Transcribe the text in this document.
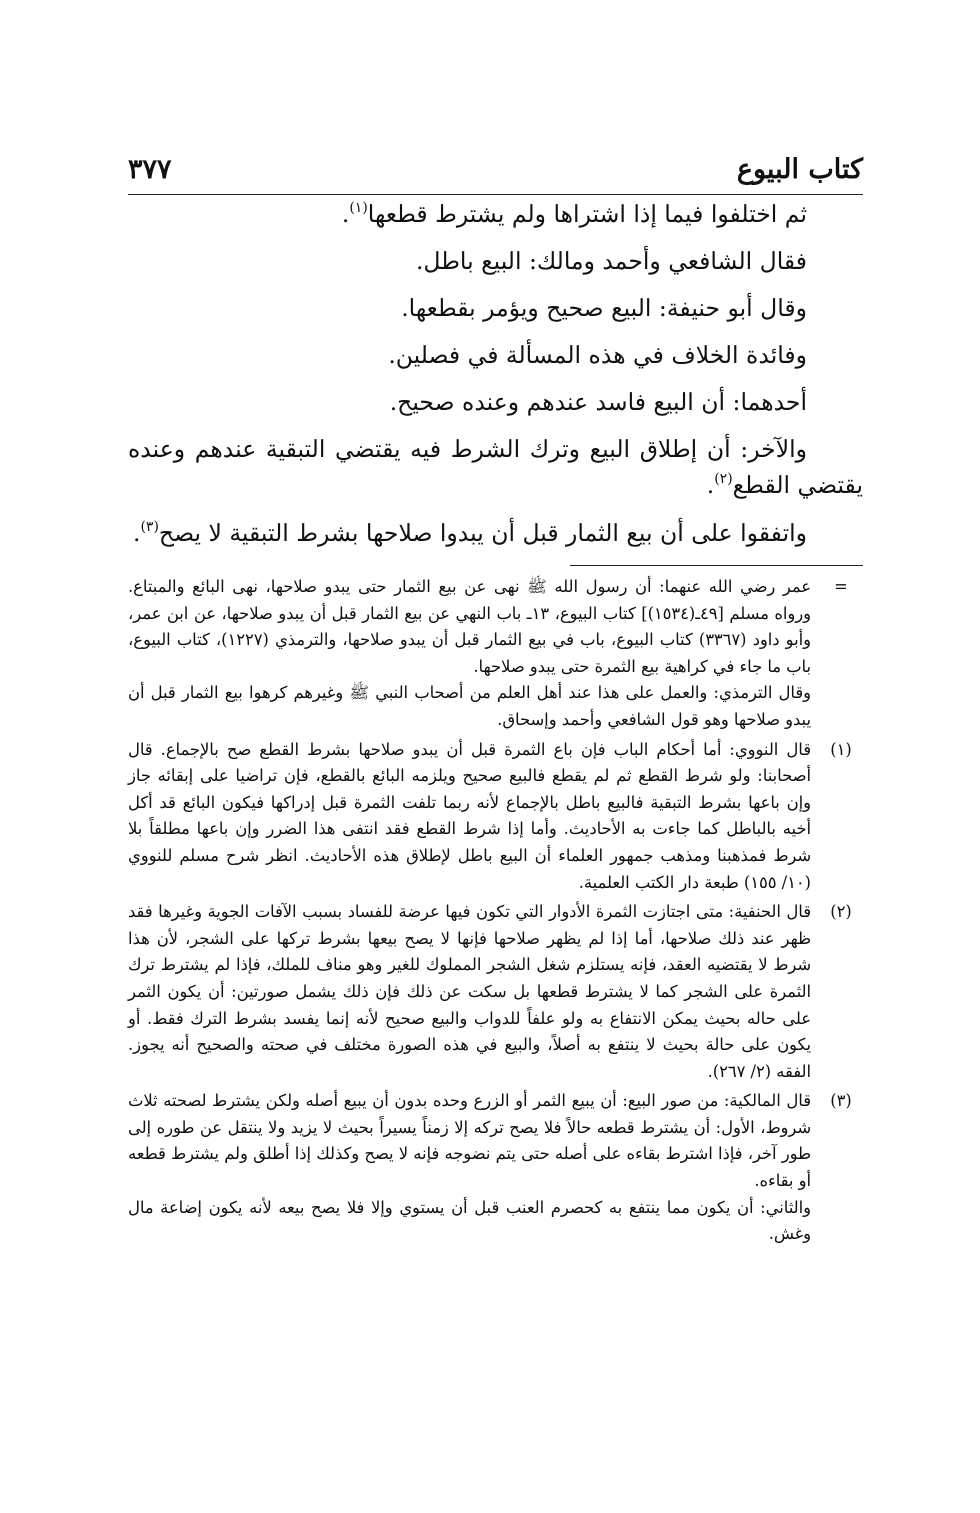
كتاب البيوع
٣٧٧

ثم اختلفوا فيما إذا اشتراها ولم يشترط قطعها$^{(١)}$.

فقال الشافعي وأحمد ومالك: البيع باطل.

وقال أبو حنيفة: البيع صحيح ويؤمر بقطعها.

وفائدة الخلاف في هذه المسألة في فصلين.

أحدهما: أن البيع فاسد عندهم وعنده صحيح.

والآخر: أن إطلاق البيع وترك الشرط فيه يقتضي التبقية عندهم وعنده يقتضي القطع$^{(٢)}$.

واتفقوا على أن بيع الثمار قبل أن يبدوا صلاحها بشرط التبقية لا يصح$^{(٣)}$.

=

عمر رضي الله عنهما: أن رسول الله ﷺ نهى عن بيع الثمار حتى يبدو صلاحها، نهى البائع والمبتاع. ورواه مسلم [٤٩ـ(١٥٣٤)] كتاب البيوع، ١٣ـ باب النهي عن بيع الثمار قبل أن يبدو صلاحها، عن ابن عمر، وأبو داود (٣٣٦٧) كتاب البيوع، باب في بيع الثمار قبل أن يبدو صلاحها، والترمذي (١٢٢٧)، كتاب البيوع، باب ما جاء في كراهية بيع الثمرة حتى يبدو صلاحها.

وقال الترمذي: والعمل على هذا عند أهل العلم من أصحاب النبي ﷺ وغيرهم كرهوا بيع الثمار قبل أن يبدو صلاحها وهو قول الشافعي وأحمد وإسحاق.

(١)

قال النووي: أما أحكام الباب فإن باع الثمرة قبل أن يبدو صلاحها بشرط القطع صح بالإجماع. قال أصحابنا: ولو شرط القطع ثم لم يقطع فالبيع صحيح ويلزمه البائع بالقطع، فإن تراضيا على إبقائه جاز وإن باعها بشرط التبقية فالبيع باطل بالإجماع لأنه ربما تلفت الثمرة قبل إدراكها فيكون البائع قد أكل أخيه بالباطل كما جاءت به الأحاديث. وأما إذا شرط القطع فقد انتفى هذا الضرر وإن باعها مطلقاً بلا شرط فمذهبنا ومذهب جمهور العلماء أن البيع باطل لإطلاق هذه الأحاديث. انظر شرح مسلم للنووي (١٠/ ١٥٥) طبعة دار الكتب العلمية.

(٢)

قال الحنفية: متى اجتازت الثمرة الأدوار التي تكون فيها عرضة للفساد بسبب الآفات الجوية وغيرها فقد ظهر عند ذلك صلاحها، أما إذا لم يظهر صلاحها فإنها لا يصح بيعها بشرط تركها على الشجر، لأن هذا شرط لا يقتضيه العقد، فإنه يستلزم شغل الشجر المملوك للغير وهو مناف للملك، فإذا لم يشترط ترك الثمرة على الشجر كما لا يشترط قطعها بل سكت عن ذلك فإن ذلك يشمل صورتين: أن يكون الثمر على حاله بحيث يمكن الانتفاع به ولو علفاً للدواب والبيع صحيح لأنه إنما يفسد بشرط الترك فقط. أو يكون على حالة بحيث لا ينتفع به أصلاً، والبيع في هذه الصورة مختلف في صحته والصحيح أنه يجوز. الفقه (٢/ ٢٦٧).

(٣)

قال المالكية: من صور البيع: أن يبيع الثمر أو الزرع وحده بدون أن يبيع أصله ولكن يشترط لصحته ثلاث شروط، الأول: أن يشترط قطعه حالاً فلا يصح تركه إلا زمناً يسيراً بحيث لا يزيد ولا ينتقل عن طوره إلى طور آخر، فإذا اشترط بقاءه على أصله حتى يتم نضوجه فإنه لا يصح وكذلك إذا أطلق ولم يشترط قطعه أو بقاءه.

والثاني: أن يكون مما ينتفع به كحصرم العنب قبل أن يستوي وإلا فلا يصح بيعه لأنه يكون إضاعة مال وغش.
